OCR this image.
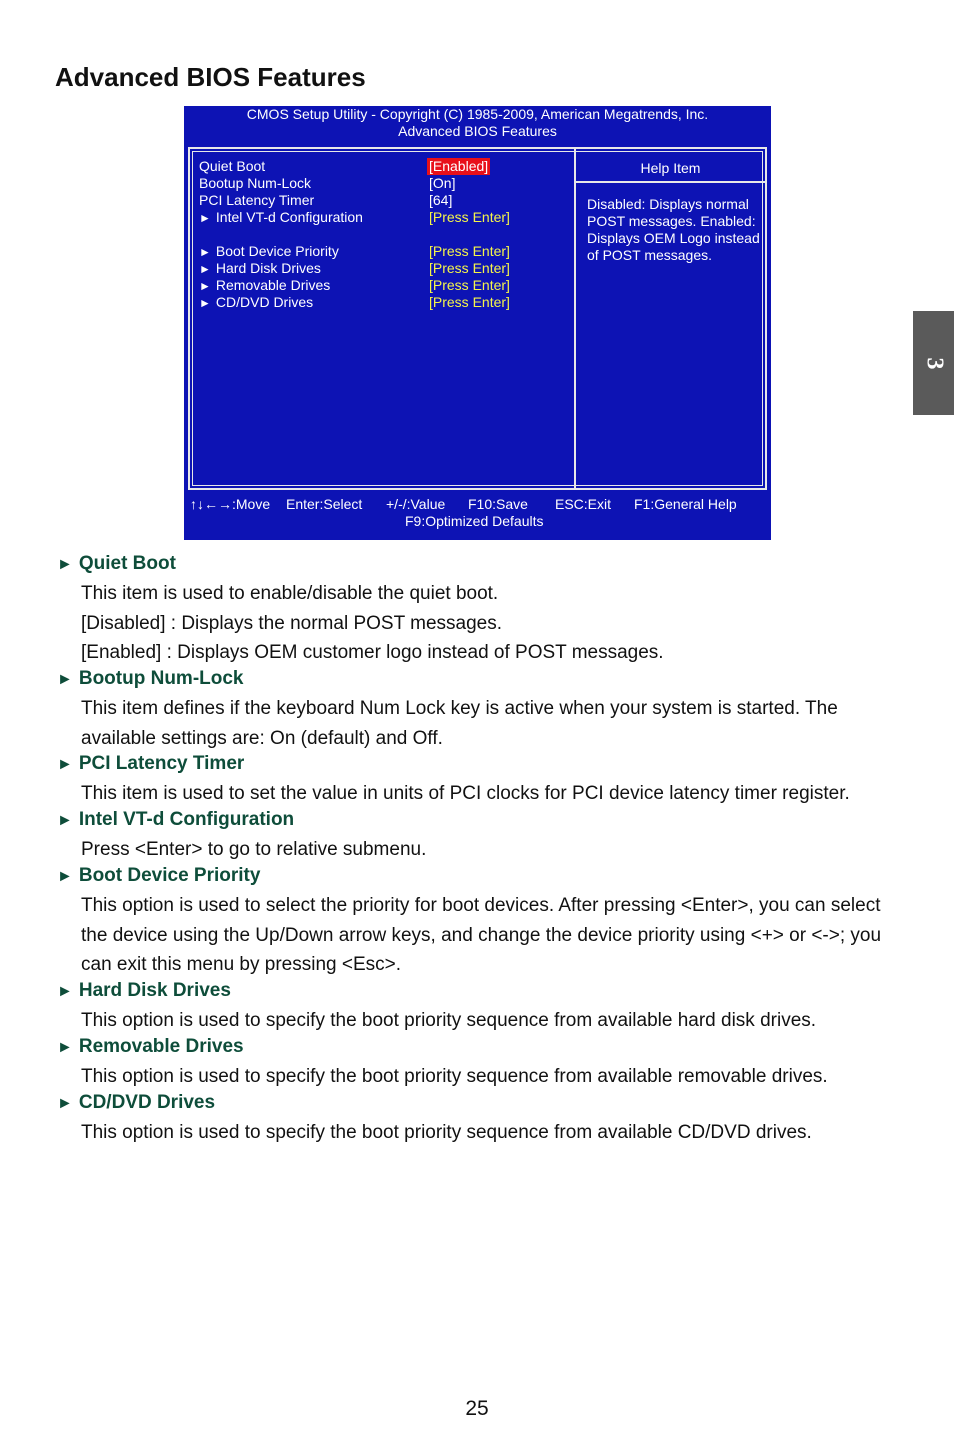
Advanced BIOS Features
3
CMOS Setup Utility - Copyright (C) 1985-2009, American Megatrends, Inc.
Advanced BIOS Features
Quiet Boot	[Enabled]
Bootup Num-Lock	[On]
PCI Latency Timer	[64]
► Intel VT-d Configuration	[Press Enter]
► Boot Device Priority	[Press Enter]
► Hard Disk Drives	[Press Enter]
► Removable Drives	[Press Enter]
► CD/DVD Drives	[Press Enter]
Help Item
Disabled: Displays normal POST messages. Enabled: Displays OEM Logo instead of POST messages.
↑↓←→:Move Enter:Select +/-/:Value F10:Save ESC:Exit F1:General Help
F9:Optimized Defaults
► Quiet Boot

This item is used to enable/disable the quiet boot.

[Disabled] : Displays the normal POST messages.

[Enabled] : Displays OEM customer logo instead of POST messages.

► Bootup Num-Lock

This item defines if the keyboard Num Lock key is active when your system is started. The available settings are: On (default) and Off.

► PCI Latency Timer

This item is used to set the value in units of PCI clocks for PCI device latency timer register.

► Intel VT-d Configuration

Press <Enter> to go to relative submenu.

► Boot Device Priority

This option is used to select the priority for boot devices. After pressing <Enter>, you can select the device using the Up/Down arrow keys, and change the device priority using <+> or <->; you can exit this menu by pressing <Esc>.

► Hard Disk Drives

This option is used to specify the boot priority sequence from available hard disk drives.

► Removable Drives

This option is used to specify the boot priority sequence from available removable drives.

► CD/DVD Drives

This option is used to specify the boot priority sequence from available CD/DVD drives.

25
